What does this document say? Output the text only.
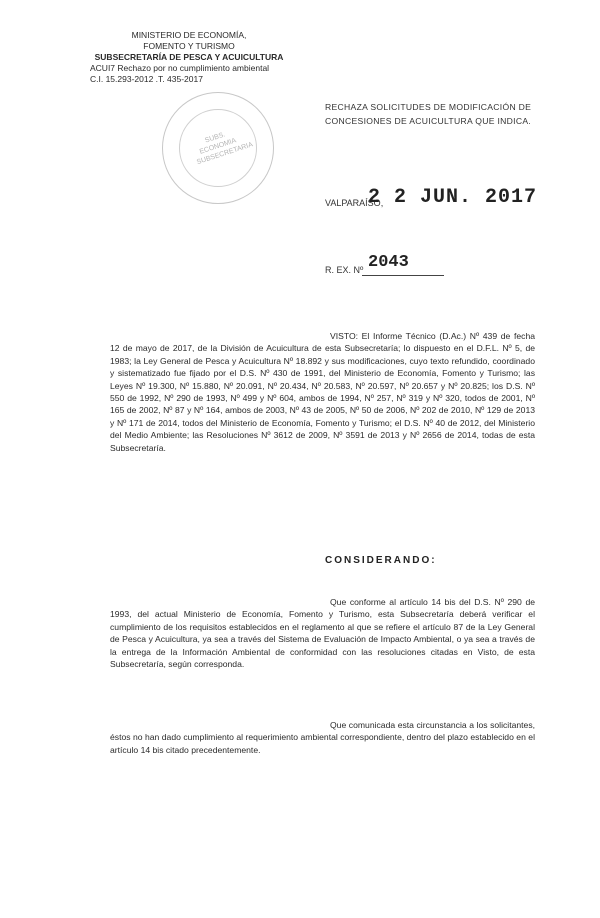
MINISTERIO DE ECONOMÍA,
FOMENTO Y TURISMO
SUBSECRETARÍA DE PESCA Y ACUICULTURA
ACUI7 Rechazo por no cumplimiento ambiental
C.I. 15.293-2012 .T. 435-2017
SUBS. ECONOMIA SUBSECRETARIA
RECHAZA SOLICITUDES DE MODIFICACIÓN DE CONCESIONES DE ACUICULTURA QUE INDICA.
VALPARAÍSO,
2 2 JUN. 2017
R. EX. Nº 2043
VISTO: El Informe Técnico (D.Ac.) Nº 439 de fecha 12 de mayo de 2017, de la División de Acuicultura de esta Subsecretaría; lo dispuesto en el D.F.L. Nº 5, de 1983; la Ley General de Pesca y Acuicultura Nº 18.892 y sus modificaciones, cuyo texto refundido, coordinado y sistematizado fue fijado por el D.S. Nº 430 de 1991, del Ministerio de Economía, Fomento y Turismo; las Leyes Nº 19.300, Nº 15.880, Nº 20.091, Nº 20.434, Nº 20.583, Nº 20.597, Nº 20.657 y Nº 20.825; los D.S. Nº 550 de 1992, Nº 290 de 1993, Nº 499 y Nº 604, ambos de 1994, Nº 257, Nº 319 y Nº 320, todos de 2001, Nº 165 de 2002, Nº 87 y Nº 164, ambos de 2003, Nº 43 de 2005, Nº 50 de 2006, Nº 202 de 2010, Nº 129 de 2013 y Nº 171 de 2014, todos del Ministerio de Economía, Fomento y Turismo; el D.S. Nº 40 de 2012, del Ministerio del Medio Ambiente; las Resoluciones Nº 3612 de 2009, Nº 3591 de 2013 y Nº 2656 de 2014, todas de esta Subsecretaría.
CONSIDERANDO:
Que conforme al artículo 14 bis del D.S. Nº 290 de 1993, del actual Ministerio de Economía, Fomento y Turismo, esta Subsecretaría deberá verificar el cumplimiento de los requisitos establecidos en el reglamento al que se refiere el artículo 87 de la Ley General de Pesca y Acuicultura, ya sea a través del Sistema de Evaluación de Impacto Ambiental, o ya sea a través de la entrega de la Información Ambiental de conformidad con las resoluciones citadas en Visto, de esta Subsecretaría, según corresponda.
Que comunicada esta circunstancia a los solicitantes, éstos no han dado cumplimiento al requerimiento ambiental correspondiente, dentro del plazo establecido en el artículo 14 bis citado precedentemente.
